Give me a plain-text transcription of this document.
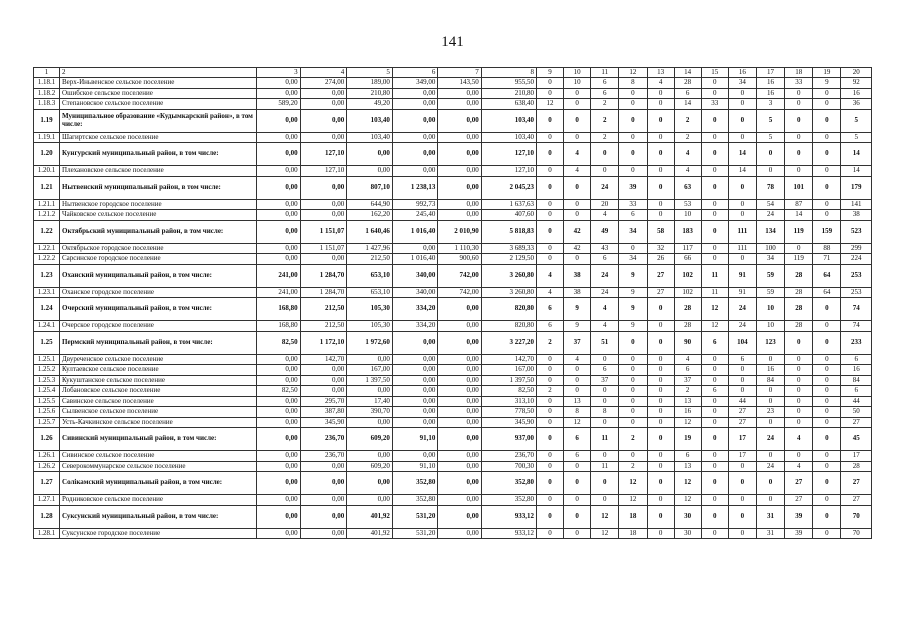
141
1	2	3	4	5	6	7	8	9	10	11	12	13	14	15	16	17	18	19	20
1.18.1	Верх-Иньвенское сельское поселение	0,00	274,00	189,00	349,00	143,50	955,50	0	10	6	8	4	28	0	34	16	33	9	92
1.18.2	Ошибское сельское поселение	0,00	0,00	210,80	0,00	0,00	210,80	0	0	6	0	0	6	0	0	16	0	0	16
1.18.3	Степановское сельское поселение	589,20	0,00	49,20	0,00	0,00	638,40	12	0	2	0	0	14	33	0	3	0	0	36
1.19	Муниципальное образование «Кудымкарский район», в том числе:	0,00	0,00	103,40	0,00	0,00	103,40	0	0	2	0	0	2	0	0	5	0	0	5
1.19.1	Шагиртское сельское поселение	0,00	0,00	103,40	0,00	0,00	103,40	0	0	2	0	0	2	0	0	5	0	0	5
1.20	Кунгурский муниципальный район, в том числе:	0,00	127,10	0,00	0,00	0,00	127,10	0	4	0	0	0	4	0	14	0	0	0	14
1.20.1	Плехановское сельское поселение	0,00	127,10	0,00	0,00	0,00	127,10	0	4	0	0	0	4	0	14	0	0	0	14
1.21	Нытвенский муниципальный район, в том числе:	0,00	0,00	807,10	1 238,13	0,00	2 045,23	0	0	24	39	0	63	0	0	78	101	0	179
1.21.1	Нытвенское городское поселение	0,00	0,00	644,90	992,73	0,00	1 637,63	0	0	20	33	0	53	0	0	54	87	0	141
1.21.2	Чайковское сельское поселение	0,00	0,00	162,20	245,40	0,00	407,60	0	0	4	6	0	10	0	0	24	14	0	38
1.22	Октябрьский муниципальный район, в том числе:	0,00	1 151,07	1 640,46	1 016,40	2 010,90	5 818,83	0	42	49	34	58	183	0	111	134	119	159	523
1.22.1	Октябрьское городское поселение	0,00	1 151,07	1 427,96	0,00	1 110,30	3 689,33	0	42	43	0	32	117	0	111	100	0	88	299
1.22.2	Сарсинское городское поселение	0,00	0,00	212,50	1 016,40	900,60	2 129,50	0	0	6	34	26	66	0	0	34	119	71	224
1.23	Оханский муниципальный район, в том числе:	241,00	1 284,70	653,10	340,00	742,00	3 260,80	4	38	24	9	27	102	11	91	59	28	64	253
1.23.1	Оханское городское поселение	241,00	1 284,70	653,10	340,00	742,00	3 260,80	4	38	24	9	27	102	11	91	59	28	64	253
1.24	Очерский муниципальный район, в том числе:	168,80	212,50	105,30	334,20	0,00	820,80	6	9	4	9	0	28	12	24	10	28	0	74
1.24.1	Очерское городское поселение	168,80	212,50	105,30	334,20	0,00	820,80	6	9	4	9	0	28	12	24	10	28	0	74
1.25	Пермский муниципальный район, в том числе:	82,50	1 172,10	1 972,60	0,00	0,00	3 227,20	2	37	51	0	0	90	6	104	123	0	0	233
1.25.1	Двуреченское сельское поселение	0,00	142,70	0,00	0,00	0,00	142,70	0	4	0	0	0	4	0	6	0	0	0	6
1.25.2	Култаевское сельское поселение	0,00	0,00	167,00	0,00	0,00	167,00	0	0	6	0	0	6	0	0	16	0	0	16
1.25.3	Кукуштанское сельское поселение	0,00	0,00	1 397,50	0,00	0,00	1 397,50	0	0	37	0	0	37	0	0	84	0	0	84
1.25.4	Лобановское сельское поселение	82,50	0,00	0,00	0,00	0,00	82,50	2	0	0	0	0	2	6	0	0	0	0	6
1.25.5	Савинское сельское поселение	0,00	295,70	17,40	0,00	0,00	313,10	0	13	0	0	0	13	0	44	0	0	0	44
1.25.6	Сылвенское сельское поселение	0,00	387,80	390,70	0,00	0,00	778,50	0	8	8	0	0	16	0	27	23	0	0	50
1.25.7	Усть-Качкинское сельское поселение	0,00	345,90	0,00	0,00	0,00	345,90	0	12	0	0	0	12	0	27	0	0	0	27
1.26	Сивинский муниципальный район, в том числе:	0,00	236,70	609,20	91,10	0,00	937,00	0	6	11	2	0	19	0	17	24	4	0	45
1.26.1	Сивинское сельское поселение	0,00	236,70	0,00	0,00	0,00	236,70	0	6	0	0	0	6	0	17	0	0	0	17
1.26.2	Северокоммунарское сельское поселение	0,00	0,00	609,20	91,10	0,00	700,30	0	0	11	2	0	13	0	0	24	4	0	28
1.27	Солікамский муниципальный район, в том числе:	0,00	0,00	0,00	352,80	0,00	352,80	0	0	0	12	0	12	0	0	0	27	0	27
1.27.1	Родниковское сельское поселение	0,00	0,00	0,00	352,80	0,00	352,80	0	0	0	12	0	12	0	0	0	27	0	27
1.28	Суксунский муниципальный район, в том числе:	0,00	0,00	401,92	531,20	0,00	933,12	0	0	12	18	0	30	0	0	31	39	0	70
1.28.1	Суксунское городское поселение	0,00	0,00	401,92	531,20	0,00	933,12	0	0	12	18	0	30	0	0	31	39	0	70
